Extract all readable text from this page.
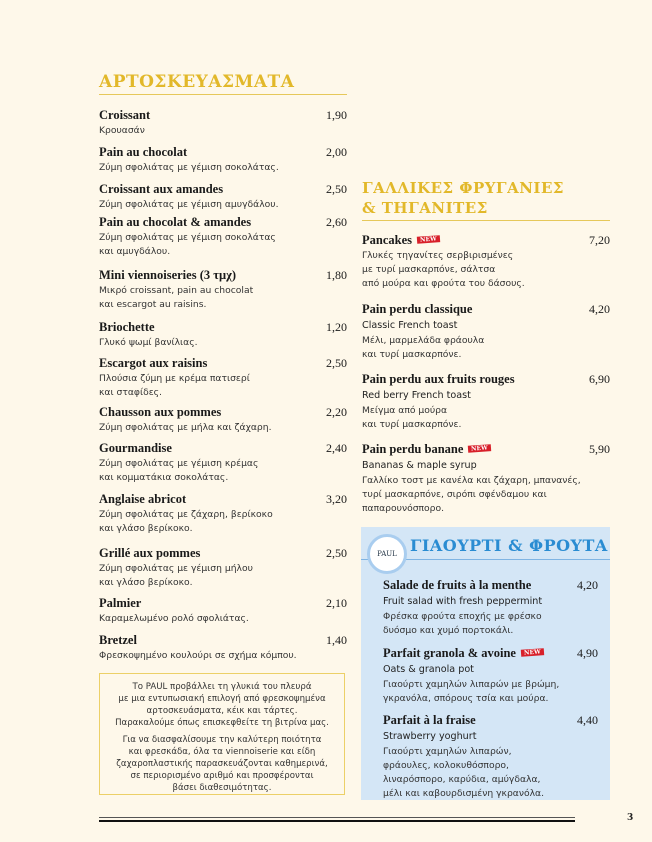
ΑΡΤΟΣΚΕΥΑΣΜΑΤΑ
Croissant	1,90
Κρουασάν
Pain au chocolat	2,00
Ζύμη σφολιάτας με γέμιση σοκολάτας.
Croissant aux amandes	2,50
Ζύμη σφολιάτας με γέμιση αμυγδάλου.
Pain au chocolat & amandes	2,60
Ζύμη σφολιάτας με γέμιση σοκολάτας
και αμυγδάλου.
Mini viennoiseries (3 τμχ)	1,80
Μικρό croissant, pain au chocolat
και escargot au raisins.
Briochette	1,20
Γλυκό ψωμί βανίλιας.
Escargot aux raisins	2,50
Πλούσια ζύμη με κρέμα πατισερί
και σταφίδες.
Chausson aux pommes	2,20
Ζύμη σφολιάτας με μήλα και ζάχαρη.
Gourmandise	2,40
Ζύμη σφολιάτας με γέμιση κρέμας
και κομματάκια σοκολάτας.
Anglaise abricot	3,20
Ζύμη σφολιάτας με ζάχαρη, βερίκοκο
και γλάσο βερίκοκο.
Grillé aux pommes	2,50
Ζύμη σφολιάτας με γέμιση μήλου
και γλάσο βερίκοκο.
Palmier	2,10
Καραμελωμένο ρολό σφολιάτας.
Bretzel	1,40
Φρεσκοψημένο κουλούρι σε σχήμα κόμπου.

Το PAUL προβάλλει τη γλυκιά του πλευρά
με μια εντυπωσιακή επιλογή από φρεσκοψημένα
αρτοσκευάσματα, κέικ και τάρτες.
Παρακαλούμε όπως επισκεφθείτε τη βιτρίνα μας.

Για να διασφαλίσουμε την καλύτερη ποιότητα
και φρεσκάδα, όλα τα viennoiserie και είδη
ζαχαροπλαστικής παρασκευάζονται καθημερινά,
σε περιορισμένο αριθμό και προσφέρονται
βάσει διαθεσιμότητας.

ΓΑΛΛΙΚΕΣ ΦΡΥΓΑΝΙΕΣ
& ΤΗΓΑΝΙΤΕΣ
Pancakes NEW	7,20
Γλυκές τηγανίτες σερβιρισμένες
με τυρί μασκαρπόνε, σάλτσα
από μούρα και φρούτα του δάσους.
Pain perdu classique	4,20
Classic French toast
Μέλι, μαρμελάδα φράουλα
και τυρί μασκαρπόνε.
Pain perdu aux fruits rouges	6,90
Red berry French toast
Μείγμα από μούρα
και τυρί μασκαρπόνε.
Pain perdu banane NEW	5,90
Bananas & maple syrup
Γαλλίκο τοστ με κανέλα και ζάχαρη, μπανανές,
τυρί μασκαρπόνε, σιρόπι σφένδαμου και
παπαρουνόσπορο.
ΓΙΑΟΥΡΤΙ & ΦΡΟΥΤΑ
PAUL
Salade de fruits à la menthe	4,20
Fruit salad with fresh peppermint
Φρέσκα φρούτα εποχής με φρέσκο
δυόσμο και χυμό πορτοκάλι.
Parfait granola & avoine NEW	4,90
Oats & granola pot
Γιαούρτι χαμηλών λιπαρών με βρώμη,
γκρανόλα, σπόρους τσία και μούρα.
Parfait à la fraise	4,40
Strawberry yoghurt
Γιαούρτι χαμηλών λιπαρών,
φράουλες, κολοκυθόσπορο,
λιναρόσπορο, καρύδια, αμύγδαλα,
μέλι και καβουρδισμένη γκρανόλα.
3
